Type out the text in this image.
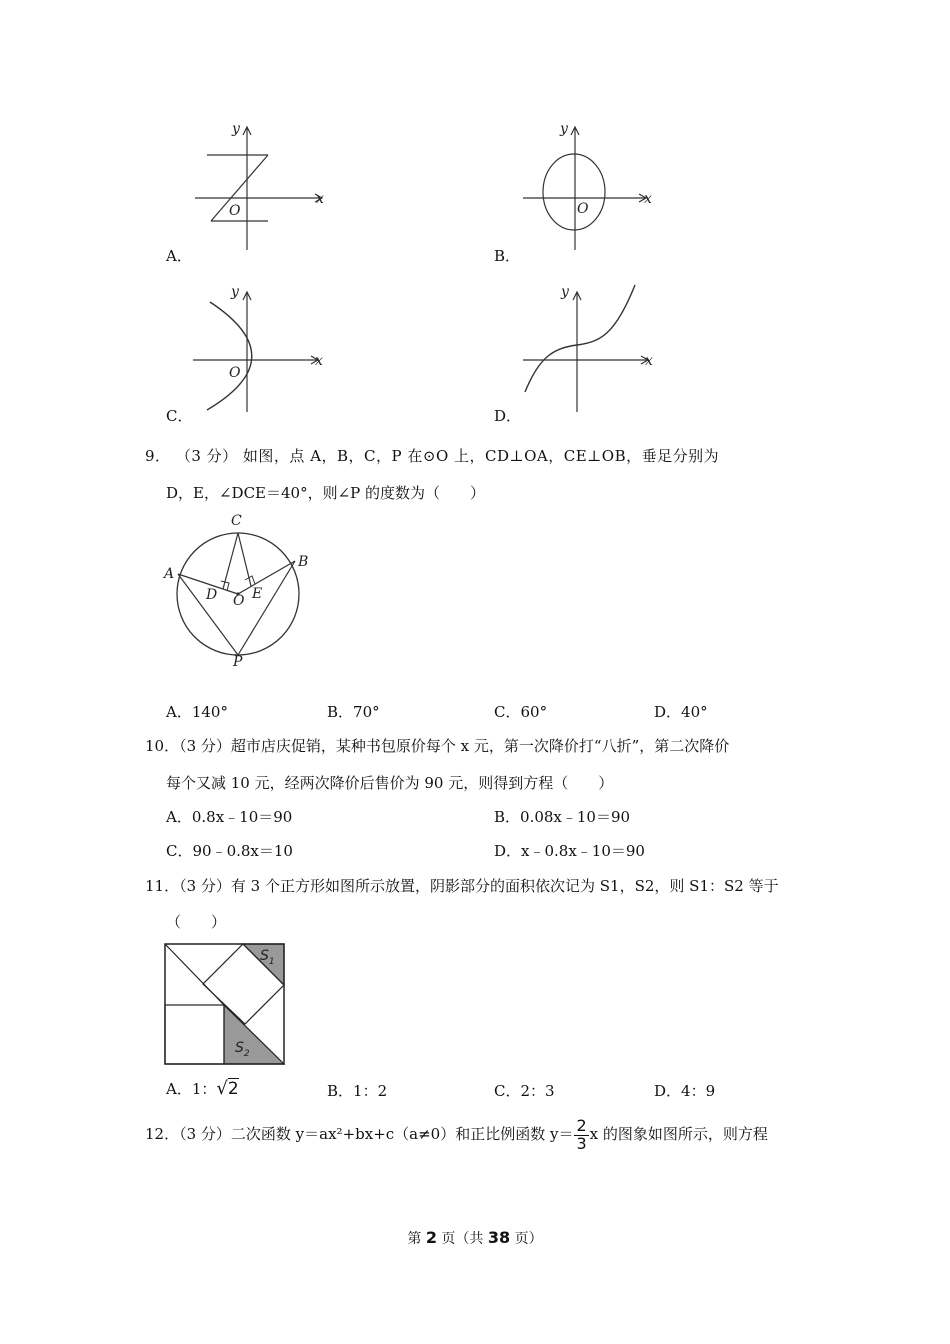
y
x
O
A．
y
x
O
B．
y
x
O
C．
y
x
D．
9． （3 分） 如图，点 A，B，C，P 在⊙O 上，CD⊥OA，CE⊥OB，垂足分别为
D，E，∠DCE＝40°，则∠P 的度数为（　　）
C
A
B
D O E
P
A．140°	B．70°	C．60°	D．40°
10．（3 分）超市店庆促销，某种书包原价每个 x 元，第一次降价打“八折”，第二次降价
每个又减 10 元，经两次降价后售价为 90 元，则得到方程（　　）
A．0.8x﹣10＝90	B．0.08x﹣10＝90
C．90﹣0.8x＝10	D．x﹣0.8x﹣10＝90
11．（3 分）有 3 个正方形如图所示放置，阴影部分的面积依次记为 S1，S2，则 S1：S2 等于
（　　）
$S_1$
$S_2$
A．1：√2	B．1：2	C．2：3	D．4：9
12．（3 分）二次函数 y＝ax²+bx+c（a≠0）和正比例函数 $y= \frac{2}{3}$ x 的图象如图所示，则方程
第 2 页（共 38 页）
